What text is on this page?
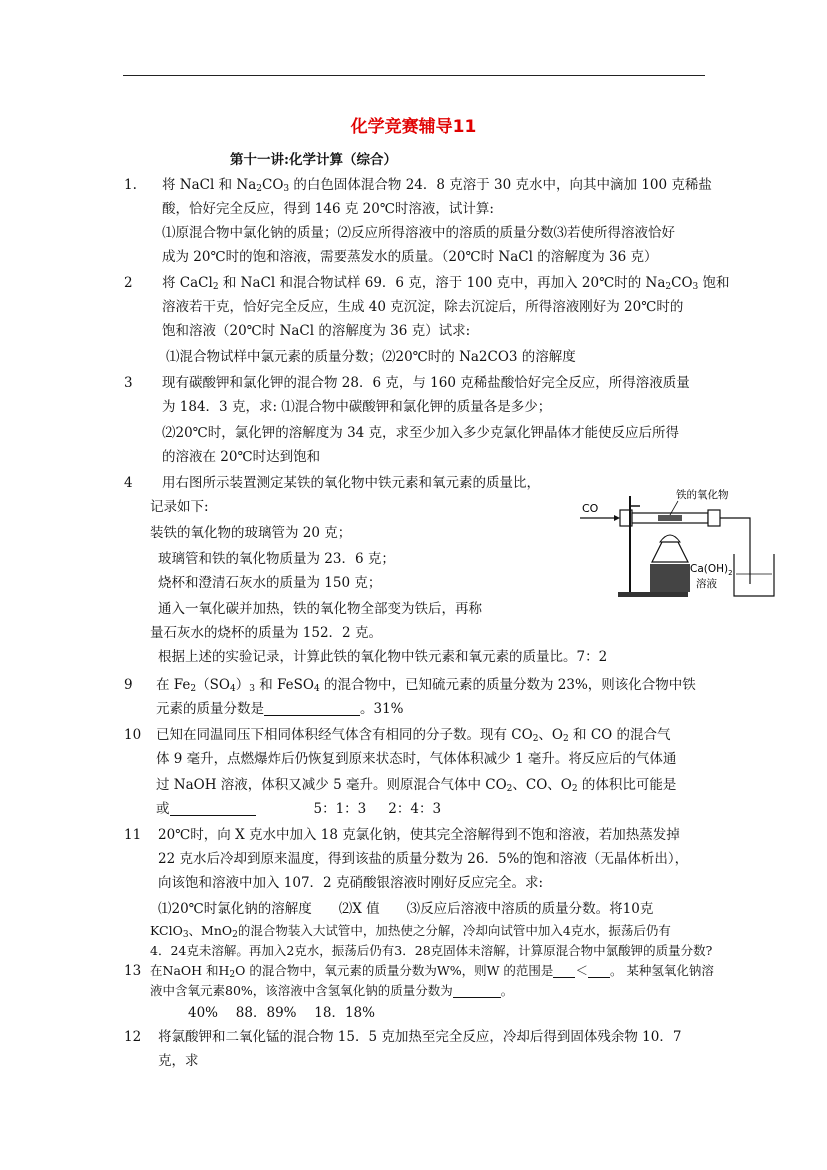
化学竞赛辅导11
第十一讲:化学计算（综合）
1. 将 NaCl 和 $Na_2CO_3$ 的白色固体混合物 24．8 克溶于 30 克水中，向其中滴加 100 克稀盐
酸，恰好完全反应，得到 146 克 20℃时溶液，试计算:
⑴原混合物中氯化钠的质量；⑵反应所得溶液中的溶质的质量分数⑶若使所得溶液恰好
成为 20℃时的饱和溶液，需要蒸发水的质量。（20℃时 NaCl 的溶解度为 36 克）
2 将 CaCl$_2$ 和 NaCl 和混合物试样 69．6 克，溶于 100 克中，再加入 20℃时的 $Na_2CO_3$ 饱和
溶液若干克，恰好完全反应，生成 40 克沉淀，除去沉淀后，所得溶液刚好为 20℃时的
饱和溶液（20℃时 NaCl 的溶解度为 36 克）试求:
⑴混合物试样中氯元素的质量分数；⑵20℃时的 Na2CO3 的溶解度
3 现有碳酸钾和氯化钾的混合物 28．6 克，与 160 克稀盐酸恰好完全反应，所得溶液质量
为 184．3 克，求: ⑴混合物中碳酸钾和氯化钾的质量各是多少；
⑵20℃时，氯化钾的溶解度为 34 克，求至少加入多少克氯化钾晶体才能使反应后所得
的溶液在 20℃时达到饱和
4 用右图所示装置测定某铁的氧化物中铁元素和氧元素的质量比，
记录如下:
装铁的氧化物的玻璃管为 20 克；
玻璃管和铁的氧化物质量为 23．6 克；
烧杯和澄清石灰水的质量为 150 克；
通入一氧化碳并加热，铁的氧化物全部变为铁后，再称
量石灰水的烧杯的质量为 152．2 克。
根据上述的实验记录，计算此铁的氧化物中铁元素和氧元素的质量比。7：2
CO
铁的氧化物
$Ca(OH)_2$
溶液
9 在 $Fe_2(SO_4)_3$ 和 FeSO$_4$ 的混合物中，已知硫元素的质量分数为 23%，则该化合物中铁
元素的质量分数是	。31%
10 已知在同温同压下相同体积经气体含有相同的分子数。现有 $CO_2$、$O_2$ 和 CO 的混合气
体 9 毫升，点燃爆炸后仍恢复到原来状态时，气体体积减少 1 毫升。将反应后的气体通
过 NaOH 溶液，体积又减少 5 毫升。则原混合气体中 $CO_2$、CO、$O_2$ 的体积比可能是
或	5：1：3 2：4：3
11 20℃时，向 X 克水中加入 18 克氯化钠，使其完全溶解得到不饱和溶液，若加热蒸发掉
22 克水后冷却到原来温度，得到该盐的质量分数为 26．5%的饱和溶液（无晶体析出），
向该饱和溶液中加入 107．2 克硝酸银溶液时刚好反应完全。求:
⑴20℃时氯化钠的溶解度　　⑵X 值　　⑶反应后溶液中溶质的质量分数。将10克
KClO$_3$、MnO$_2$的混合物装入大试管中，加热使之分解，冷却向试管中加入4克水，振荡后仍有
4．24克未溶解。再加入2克水，振荡后仍有3．28克固体未溶解，计算原混合物中氯酸钾的质量分数?
13 在NaOH 和$H_2O$ 的混合物中，氧元素的质量分数为W%，则W 的范围是 ＜ 。 某种氢氧化钠溶
液中含氧元素80%，该溶液中含氢氧化钠的质量分数为	。
40%　 88．89%　 18．18%
12 将氯酸钾和二氧化锰的混合物 15．5 克加热至完全反应，冷却后得到固体残余物 10．7
克，求
